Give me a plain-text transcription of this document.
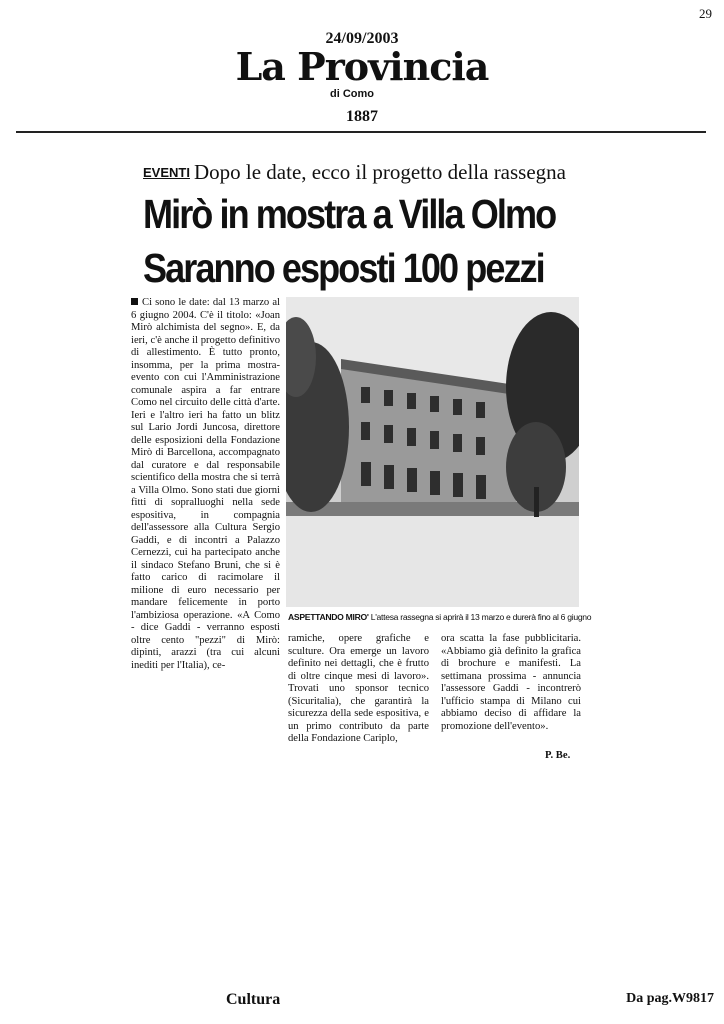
29
24/09/2003
La Provincia
di Como
1887
EVENTI Dopo le date, ecco il progetto della rassegna
Mirò in mostra a Villa Olmo
Saranno esposti 100 pezzi
Ci sono le date: dal 13 marzo al 6 giugno 2004. C'è il titolo: «Joan Mirò alchimista del segno». E, da ieri, c'è anche il progetto definitivo di allestimento. È tutto pronto, insomma, per la prima mostra-evento con cui l'Amministrazione comunale aspira a far entrare Como nel circuito delle città d'arte. Ieri e l'altro ieri ha fatto un blitz sul Lario Jordi Juncosa, direttore delle esposizioni della Fondazione Mirò di Barcellona, accompagnato dal curatore e dal responsabile scientifico della mostra che si terrà a Villa Olmo. Sono stati due giorni fitti di sopralluoghi nella sede espositiva, in compagnia dell'assessore alla Cultura Sergio Gaddi, e di incontri a Palazzo Cernezzi, cui ha partecipato anche il sindaco Stefano Bruni, che si è fatto carico di racimolare il milione di euro necessario per mandare felicemente in porto l'ambiziosa operazione. «A Como - dice Gaddi - verranno esposti oltre cento "pezzi" di Mirò: dipinti, arazzi (tra cui alcuni inediti per l'Italia), ce-
ASPETTANDO MIRO' L'attesa rassegna si aprirà il 13 marzo e durerà fino al 6 giugno
ramiche, opere grafiche e sculture. Ora emerge un lavoro definito nei dettagli, che è frutto di oltre cinque mesi di lavoro». Trovati uno sponsor tecnico (Sicuritalia), che garantirà la sicurezza della sede espositiva, e un primo contributo da parte della Fondazione Cariplo,
ora scatta la fase pubblicitaria. «Abbiamo già definito la grafica di brochure e manifesti. La settimana prossima - annuncia l'assessore Gaddi - incontrerò l'ufficio stampa di Milano cui abbiamo deciso di affidare la promozione dell'evento».
P. Be.
Cultura	Da pag.W9817
